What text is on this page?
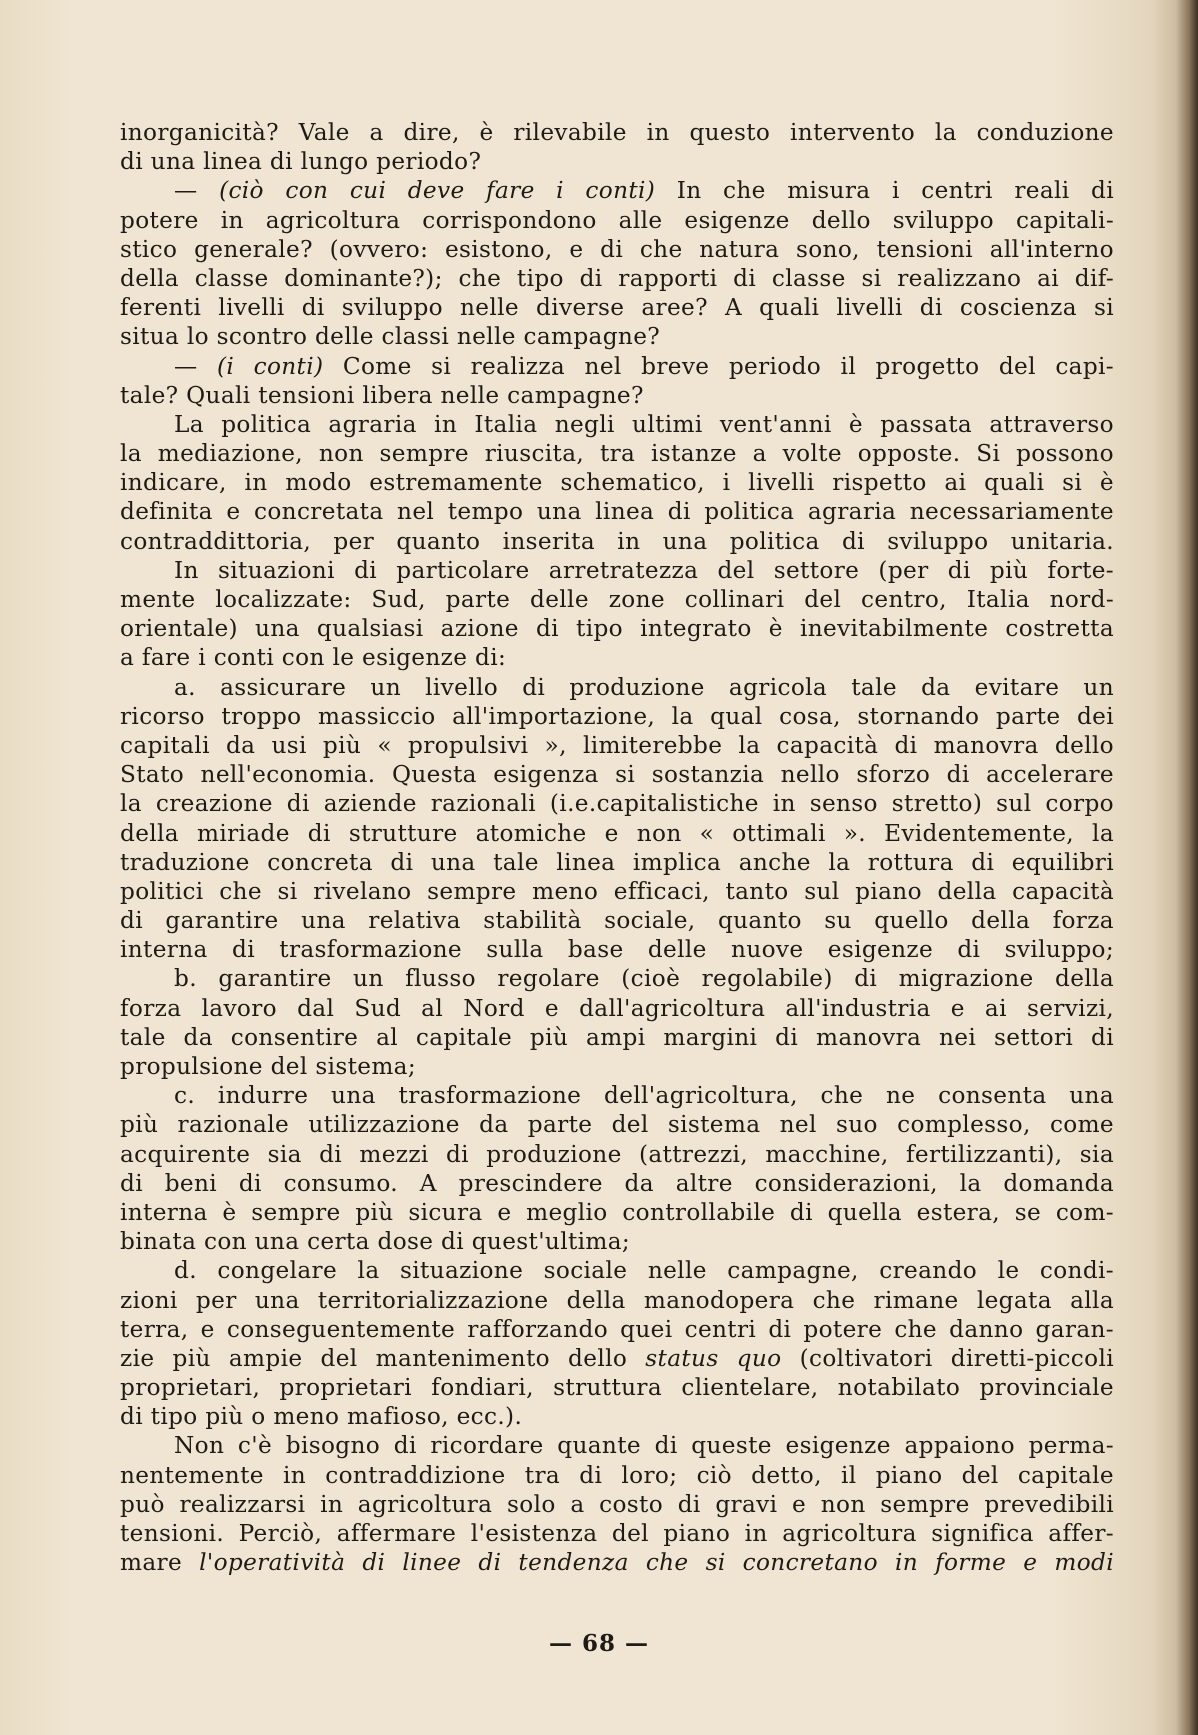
inorganicità? Vale a dire, è rilevabile in questo intervento la conduzione
di una linea di lungo periodo?
— (ciò con cui deve fare i conti) In che misura i centri reali di
potere in agricoltura corrispondono alle esigenze dello sviluppo capitali-
stico generale? (ovvero: esistono, e di che natura sono, tensioni all'interno
della classe dominante?); che tipo di rapporti di classe si realizzano ai dif-
ferenti livelli di sviluppo nelle diverse aree? A quali livelli di coscienza si
situa lo scontro delle classi nelle campagne?
— (i conti) Come si realizza nel breve periodo il progetto del capi-
tale? Quali tensioni libera nelle campagne?
La politica agraria in Italia negli ultimi vent'anni è passata attraverso
la mediazione, non sempre riuscita, tra istanze a volte opposte. Si possono
indicare, in modo estremamente schematico, i livelli rispetto ai quali si è
definita e concretata nel tempo una linea di politica agraria necessariamente
contraddittoria, per quanto inserita in una politica di sviluppo unitaria.
In situazioni di particolare arretratezza del settore (per di più forte-
mente localizzate: Sud, parte delle zone collinari del centro, Italia nord-
orientale) una qualsiasi azione di tipo integrato è inevitabilmente costretta
a fare i conti con le esigenze di:
a. assicurare un livello di produzione agricola tale da evitare un
ricorso troppo massiccio all'importazione, la qual cosa, stornando parte dei
capitali da usi più « propulsivi », limiterebbe la capacità di manovra dello
Stato nell'economia. Questa esigenza si sostanzia nello sforzo di accelerare
la creazione di aziende razionali (i.e.capitalistiche in senso stretto) sul corpo
della miriade di strutture atomiche e non « ottimali ». Evidentemente, la
traduzione concreta di una tale linea implica anche la rottura di equilibri
politici che si rivelano sempre meno efficaci, tanto sul piano della capacità
di garantire una relativa stabilità sociale, quanto su quello della forza
interna di trasformazione sulla base delle nuove esigenze di sviluppo;
b. garantire un flusso regolare (cioè regolabile) di migrazione della
forza lavoro dal Sud al Nord e dall'agricoltura all'industria e ai servizi,
tale da consentire al capitale più ampi margini di manovra nei settori di
propulsione del sistema;
c. indurre una trasformazione dell'agricoltura, che ne consenta una
più razionale utilizzazione da parte del sistema nel suo complesso, come
acquirente sia di mezzi di produzione (attrezzi, macchine, fertilizzanti), sia
di beni di consumo. A prescindere da altre considerazioni, la domanda
interna è sempre più sicura e meglio controllabile di quella estera, se com-
binata con una certa dose di quest'ultima;
d. congelare la situazione sociale nelle campagne, creando le condi-
zioni per una territorializzazione della manodopera che rimane legata alla
terra, e conseguentemente rafforzando quei centri di potere che danno garan-
zie più ampie del mantenimento dello status quo (coltivatori diretti-piccoli
proprietari, proprietari fondiari, struttura clientelare, notabilato provinciale
di tipo più o meno mafioso, ecc.).
Non c'è bisogno di ricordare quante di queste esigenze appaiono perma-
nentemente in contraddizione tra di loro; ciò detto, il piano del capitale
può realizzarsi in agricoltura solo a costo di gravi e non sempre prevedibili
tensioni. Perciò, affermare l'esistenza del piano in agricoltura significa affer-
mare l'operatività di linee di tendenza che si concretano in forme e modi
— 68 —
